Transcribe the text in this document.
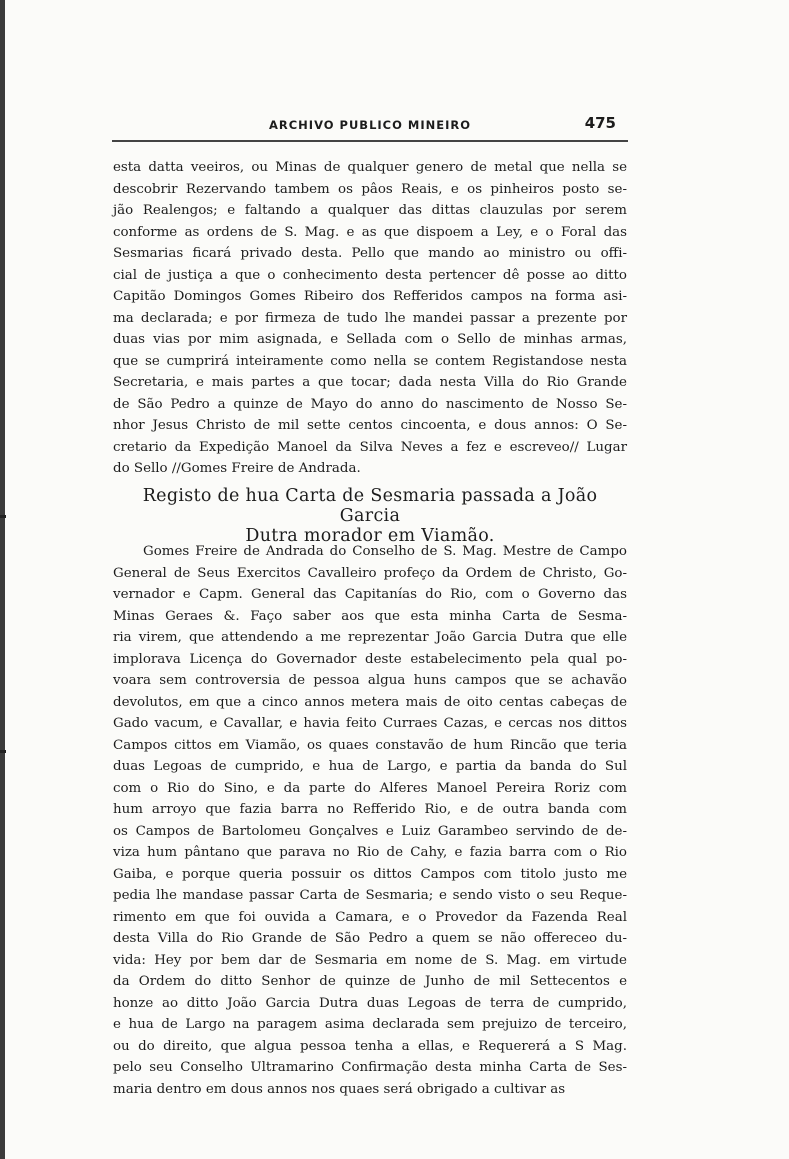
ARCHIVO PUBLICO MINEIRO	475
esta datta veeiros, ou Minas de qualquer genero de metal que nella se
descobrir Rezervando tambem os pâos Reais, e os pinheiros posto se-
jão Realengos; e faltando a qualquer das dittas clauzulas por serem
conforme as ordens de S. Mag. e as que dispoem a Ley, e o Foral das
Sesmarias ficará privado desta. Pello que mando ao ministro ou offi-
cial de justiça a que o conhecimento desta pertencer dê posse ao ditto
Capitão Domingos Gomes Ribeiro dos Refferidos campos na forma asi-
ma declarada; e por firmeza de tudo lhe mandei passar a prezente por
duas vias por mim asignada, e Sellada com o Sello de minhas armas,
que se cumprirá inteiramente como nella se contem Registandose nesta
Secretaria, e mais partes a que tocar; dada nesta Villa do Rio Grande
de São Pedro a quinze de Mayo do anno do nascimento de Nosso Se-
nhor Jesus Christo de mil sette centos cincoenta, e dous annos: O Se-
cretario da Expedição Manoel da Silva Neves a fez e escreveo// Lugar
do Sello //Gomes Freire de Andrada.
Registo de hua Carta de Sesmaria passada a João Garcia
Dutra morador em Viamão.
Gomes Freire de Andrada do Conselho de S. Mag. Mestre de Campo
General de Seus Exercitos Cavalleiro profeço da Ordem de Christo, Go-
vernador e Capm. General das Capitanías do Rio, com o Governo das
Minas Geraes &. Faço saber aos que esta minha Carta de Sesma-
ria virem, que attendendo a me reprezentar João Garcia Dutra que elle
implorava Licença do Governador deste estabelecimento pela qual po-
voara sem controversia de pessoa algua huns campos que se achavão
devolutos, em que a cinco annos metera mais de oito centas cabeças de
Gado vacum, e Cavallar, e havia feito Curraes Cazas, e cercas nos dittos
Campos cittos em Viamão, os quaes constavão de hum Rincão que teria
duas Legoas de cumprido, e hua de Largo, e partia da banda do Sul
com o Rio do Sino, e da parte do Alferes Manoel Pereira Roriz com
hum arroyo que fazia barra no Refferido Rio, e de outra banda com
os Campos de Bartolomeu Gonçalves e Luiz Garambeo servindo de de-
viza hum pântano que parava no Rio de Cahy, e fazia barra com o Rio
Gaiba, e porque queria possuir os dittos Campos com titolo justo me
pedia lhe mandase passar Carta de Sesmaria; e sendo visto o seu Reque-
rimento em que foi ouvida a Camara, e o Provedor da Fazenda Real
desta Villa do Rio Grande de São Pedro a quem se não offereceo du-
vida: Hey por bem dar de Sesmaria em nome de S. Mag. em virtude
da Ordem do ditto Senhor de quinze de Junho de mil Settecentos e
honze ao ditto João Garcia Dutra duas Legoas de terra de cumprido,
e hua de Largo na paragem asima declarada sem prejuizo de terceiro,
ou do direito, que algua pessoa tenha a ellas, e Requererá a S Mag.
pelo seu Conselho Ultramarino Confirmação desta minha Carta de Ses-
maria dentro em dous annos nos quaes será obrigado a cultivar as
